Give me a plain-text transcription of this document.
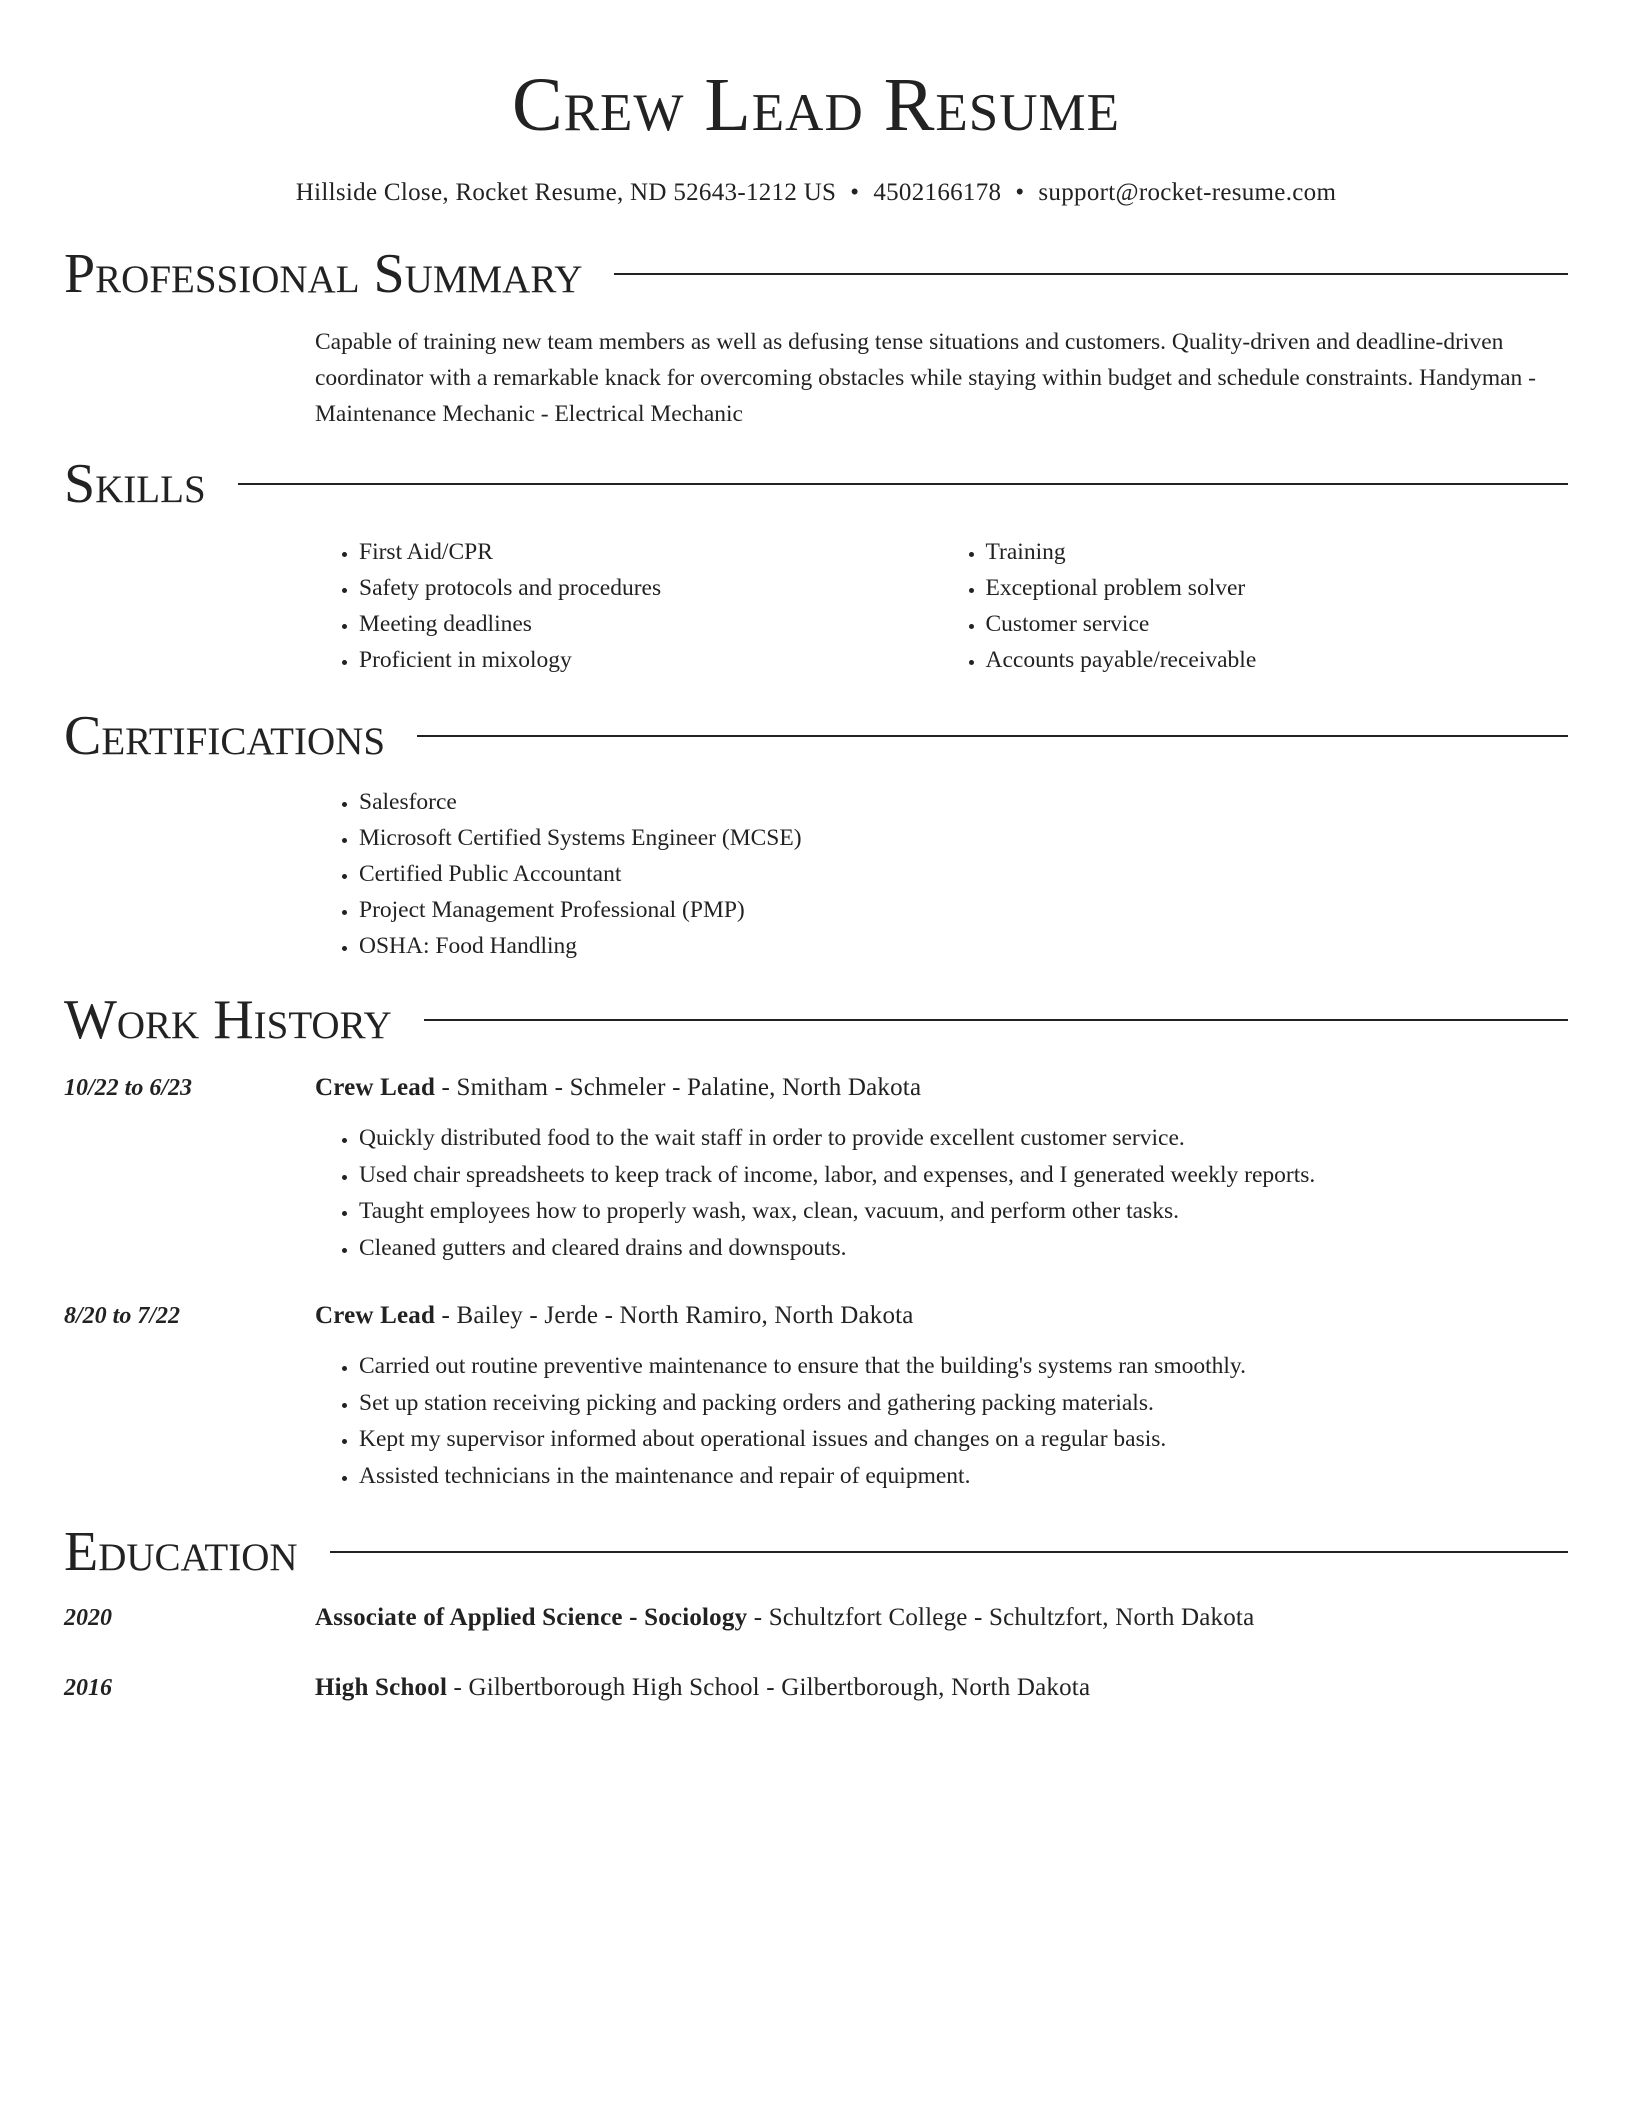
Crew Lead Resume
Hillside Close, Rocket Resume, ND 52643-1212 US • 4502166178 • support@rocket-resume.com
Professional Summary

Capable of training new team members as well as defusing tense situations and customers. Quality-driven and deadline-driven coordinator with a remarkable knack for overcoming obstacles while staying within budget and schedule constraints. Handyman - Maintenance Mechanic - Electrical Mechanic

Skills
• First Aid/CPR
• Safety protocols and procedures
• Meeting deadlines
• Proficient in mixology
• Training
• Exceptional problem solver
• Customer service
• Accounts payable/receivable
Certifications
• Salesforce
• Microsoft Certified Systems Engineer (MCSE)
• Certified Public Accountant
• Project Management Professional (PMP)
• OSHA: Food Handling
Work History
10/22 to 6/23	Crew Lead - Smitham - Schmeler - Palatine, North Dakota
• Quickly distributed food to the wait staff in order to provide excellent customer service.
• Used chair spreadsheets to keep track of income, labor, and expenses, and I generated weekly reports.
• Taught employees how to properly wash, wax, clean, vacuum, and perform other tasks.
• Cleaned gutters and cleared drains and downspouts.
8/20 to 7/22	Crew Lead - Bailey - Jerde - North Ramiro, North Dakota
• Carried out routine preventive maintenance to ensure that the building's systems ran smoothly.
• Set up station receiving picking and packing orders and gathering packing materials.
• Kept my supervisor informed about operational issues and changes on a regular basis.
• Assisted technicians in the maintenance and repair of equipment.
Education
2020	Associate of Applied Science - Sociology - Schultzfort College - Schultzfort, North Dakota
2016	High School - Gilbertborough High School - Gilbertborough, North Dakota
